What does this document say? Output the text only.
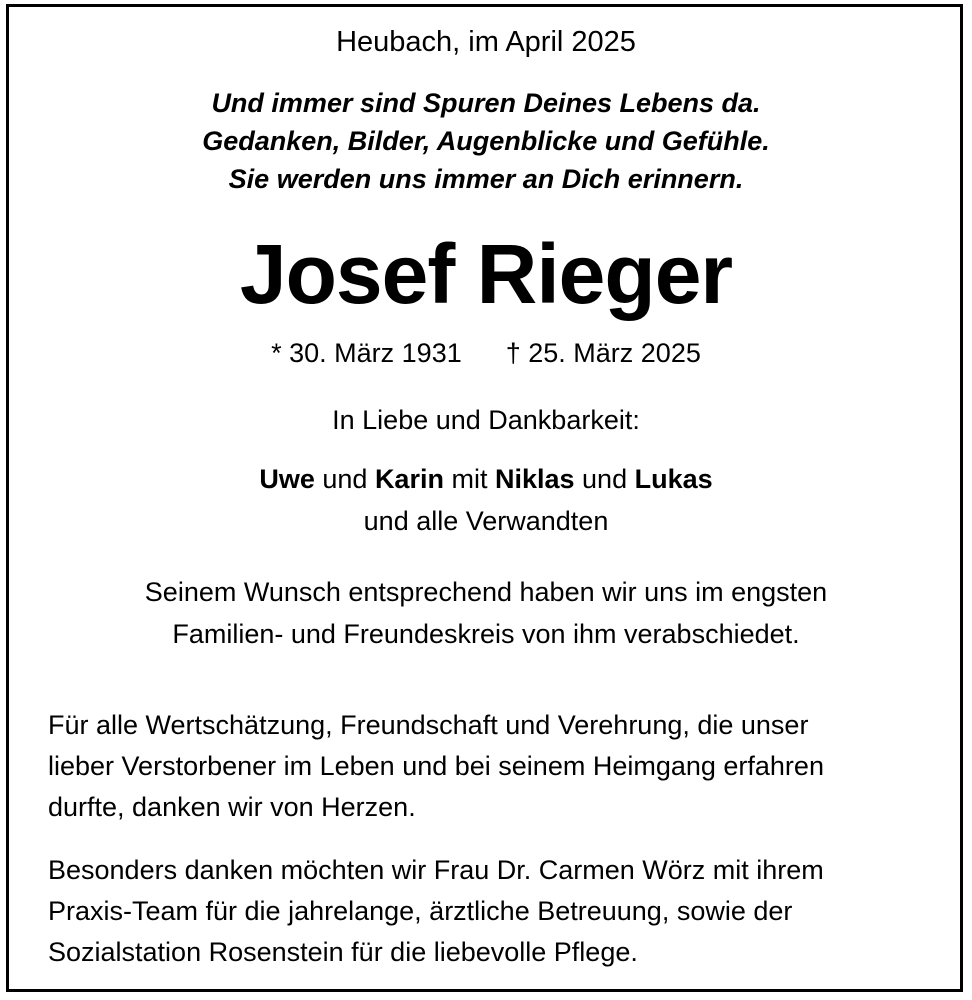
Heubach, im April 2025

Und immer sind Spuren Deines Lebens da.

Gedanken, Bilder, Augenblicke und Gefühle.

Sie werden uns immer an Dich erinnern.

Josef Rieger

* 30. März 1931 † 25. März 2025

In Liebe und Dankbarkeit:

Uwe und Karin mit Niklas und Lukas

und alle Verwandten

Seinem Wunsch entsprechend haben wir uns im engsten

Familien- und Freundeskreis von ihm verabschiedet.

Für alle Wertschätzung, Freundschaft und Verehrung, die unser

lieber Verstorbener im Leben und bei seinem Heimgang erfahren

durfte, danken wir von Herzen.

Besonders danken möchten wir Frau Dr. Carmen Wörz mit ihrem

Praxis-Team für die jahrelange, ärztliche Betreuung, sowie der

Sozialstation Rosenstein für die liebevolle Pflege.
